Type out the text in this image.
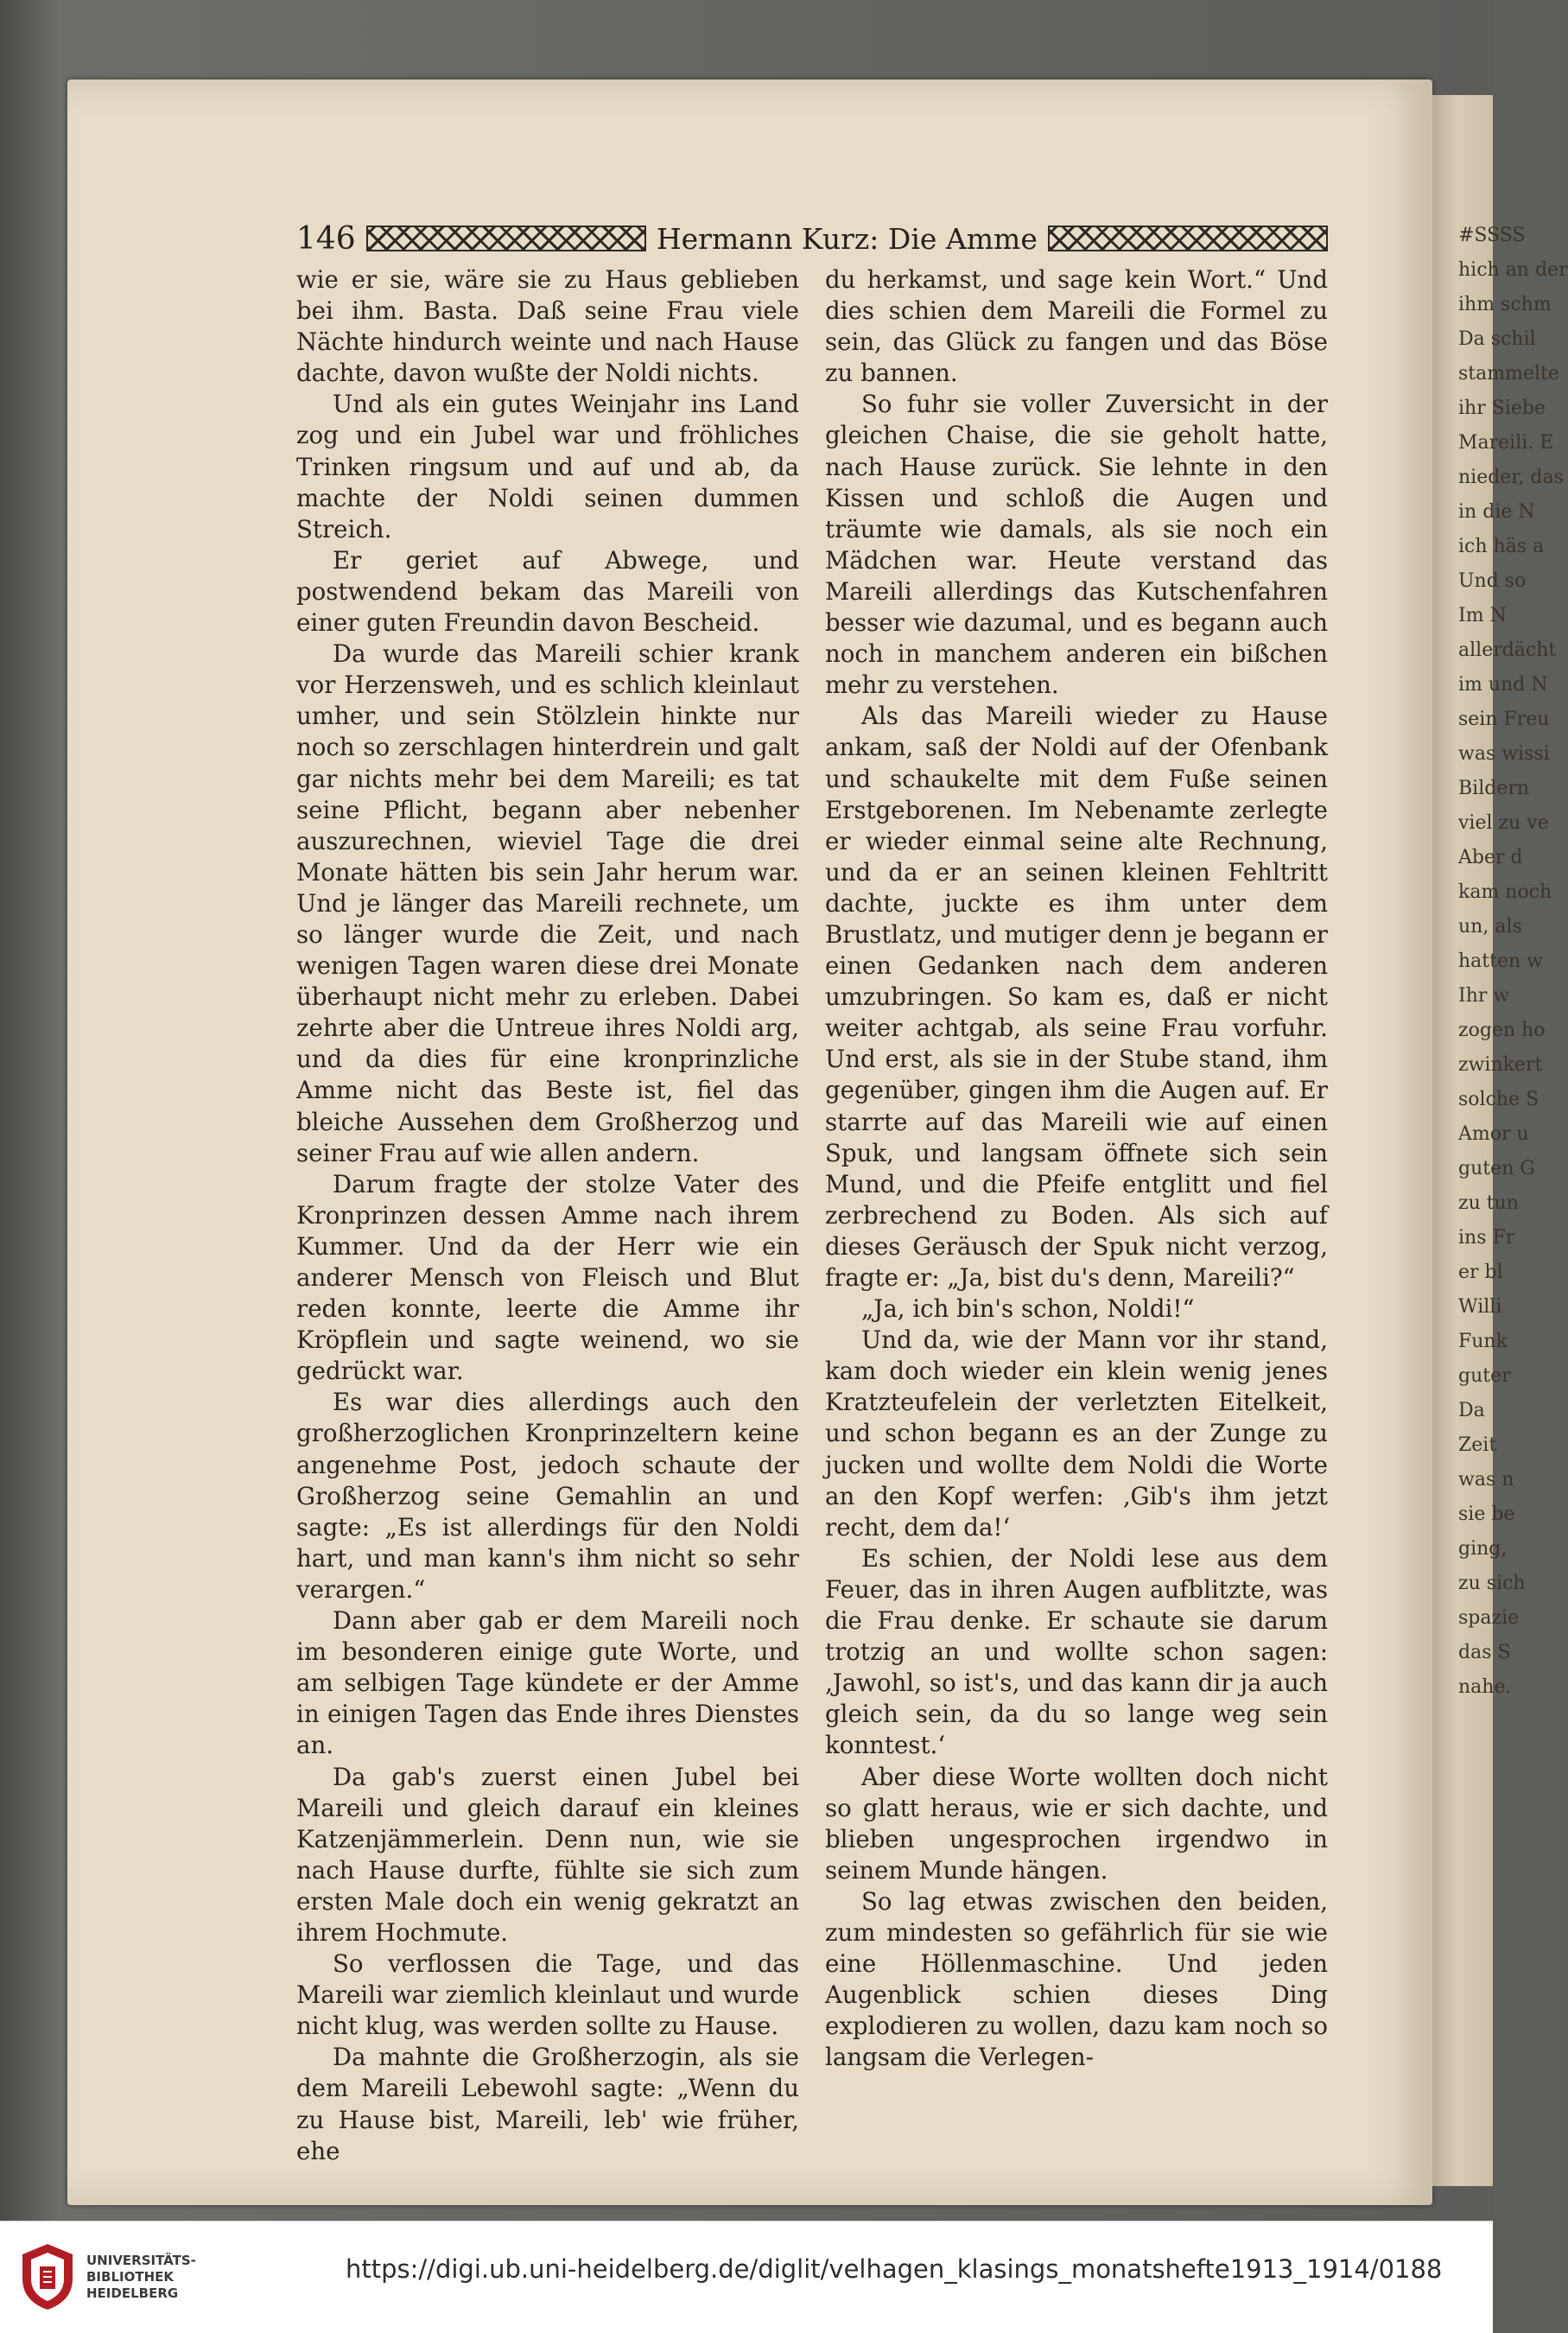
#SSSS
hich an der
ihm schm
Da schil
stammelte
ihr Siebe
Mareili. E
nieder, das
in die N
ich häs a
Und so
Im N
allerdächt
im und N
sein Freu
was wissi
Bildern
viel zu ve
Aber d
kam noch
un, als
hatten w
Ihr w
zogen ho
zwinkert
solche S
Amor u
guten G
zu tun
ins Fr
er bl
Willi
Funk
guter
Da
Zeit
was n
sie be
ging,
zu sich
spazie
das S
nahe.
146	Hermann Kurz: Die Amme

wie er sie, wäre sie zu Haus geblieben bei ihm. Basta. Daß seine Frau viele Nächte hindurch weinte und nach Hause dachte, davon wußte der Noldi nichts.

Und als ein gutes Weinjahr ins Land zog und ein Jubel war und fröhliches Trinken ringsum und auf und ab, da machte der Noldi seinen dummen Streich.

Er geriet auf Abwege, und postwendend bekam das Mareili von einer guten Freundin davon Bescheid.

Da wurde das Mareili schier krank vor Herzensweh, und es schlich kleinlaut umher, und sein Stölzlein hinkte nur noch so zerschlagen hinterdrein und galt gar nichts mehr bei dem Mareili; es tat seine Pflicht, begann aber nebenher auszurechnen, wieviel Tage die drei Monate hätten bis sein Jahr herum war. Und je länger das Mareili rechnete, um so länger wurde die Zeit, und nach wenigen Tagen waren diese drei Monate überhaupt nicht mehr zu erleben. Dabei zehrte aber die Untreue ihres Noldi arg, und da dies für eine kronprinzliche Amme nicht das Beste ist, fiel das bleiche Aussehen dem Großherzog und seiner Frau auf wie allen andern.

Darum fragte der stolze Vater des Kronprinzen dessen Amme nach ihrem Kummer. Und da der Herr wie ein anderer Mensch von Fleisch und Blut reden konnte, leerte die Amme ihr Kröpflein und sagte weinend, wo sie gedrückt war.

Es war dies allerdings auch den großherzoglichen Kronprinzeltern keine angenehme Post, jedoch schaute der Großherzog seine Gemahlin an und sagte: „Es ist allerdings für den Noldi hart, und man kann's ihm nicht so sehr verargen.“

Dann aber gab er dem Mareili noch im besonderen einige gute Worte, und am selbigen Tage kündete er der Amme in einigen Tagen das Ende ihres Dienstes an.

Da gab's zuerst einen Jubel bei Mareili und gleich darauf ein kleines Katzenjämmerlein. Denn nun, wie sie nach Hause durfte, fühlte sie sich zum ersten Male doch ein wenig gekratzt an ihrem Hochmute.

So verflossen die Tage, und das Mareili war ziemlich kleinlaut und wurde nicht klug, was werden sollte zu Hause.

Da mahnte die Großherzogin, als sie dem Mareili Lebewohl sagte: „Wenn du zu Hause bist, Mareili, leb' wie früher, ehe

du herkamst, und sage kein Wort.“ Und dies schien dem Mareili die Formel zu sein, das Glück zu fangen und das Böse zu bannen.

So fuhr sie voller Zuversicht in der gleichen Chaise, die sie geholt hatte, nach Hause zurück. Sie lehnte in den Kissen und schloß die Augen und träumte wie damals, als sie noch ein Mädchen war. Heute verstand das Mareili allerdings das Kutschenfahren besser wie dazumal, und es begann auch noch in manchem anderen ein bißchen mehr zu verstehen.

Als das Mareili wieder zu Hause ankam, saß der Noldi auf der Ofenbank und schaukelte mit dem Fuße seinen Erstgeborenen. Im Nebenamte zerlegte er wieder einmal seine alte Rechnung, und da er an seinen kleinen Fehltritt dachte, juckte es ihm unter dem Brustlatz, und mutiger denn je begann er einen Gedanken nach dem anderen umzubringen. So kam es, daß er nicht weiter achtgab, als seine Frau vorfuhr. Und erst, als sie in der Stube stand, ihm gegenüber, gingen ihm die Augen auf. Er starrte auf das Mareili wie auf einen Spuk, und langsam öffnete sich sein Mund, und die Pfeife entglitt und fiel zerbrechend zu Boden. Als sich auf dieses Geräusch der Spuk nicht verzog, fragte er: „Ja, bist du's denn, Mareili?“

„Ja, ich bin's schon, Noldi!“

Und da, wie der Mann vor ihr stand, kam doch wieder ein klein wenig jenes Kratzteufelein der verletzten Eitelkeit, und schon begann es an der Zunge zu jucken und wollte dem Noldi die Worte an den Kopf werfen: ‚Gib's ihm jetzt recht, dem da!‘

Es schien, der Noldi lese aus dem Feuer, das in ihren Augen aufblitzte, was die Frau denke. Er schaute sie darum trotzig an und wollte schon sagen: ‚Jawohl, so ist's, und das kann dir ja auch gleich sein, da du so lange weg sein konntest.‘

Aber diese Worte wollten doch nicht so glatt heraus, wie er sich dachte, und blieben ungesprochen irgendwo in seinem Munde hängen.

So lag etwas zwischen den beiden, zum mindesten so gefährlich für sie wie eine Höllenmaschine. Und jeden Augenblick schien dieses Ding explodieren zu wollen, dazu kam noch so langsam die Verlegen-

UNIVERSITÄTS-
BIBLIOTHEK
HEIDELBERG
https://digi.ub.uni-heidelberg.de/diglit/velhagen_klasings_monatshefte1913_1914/0188
